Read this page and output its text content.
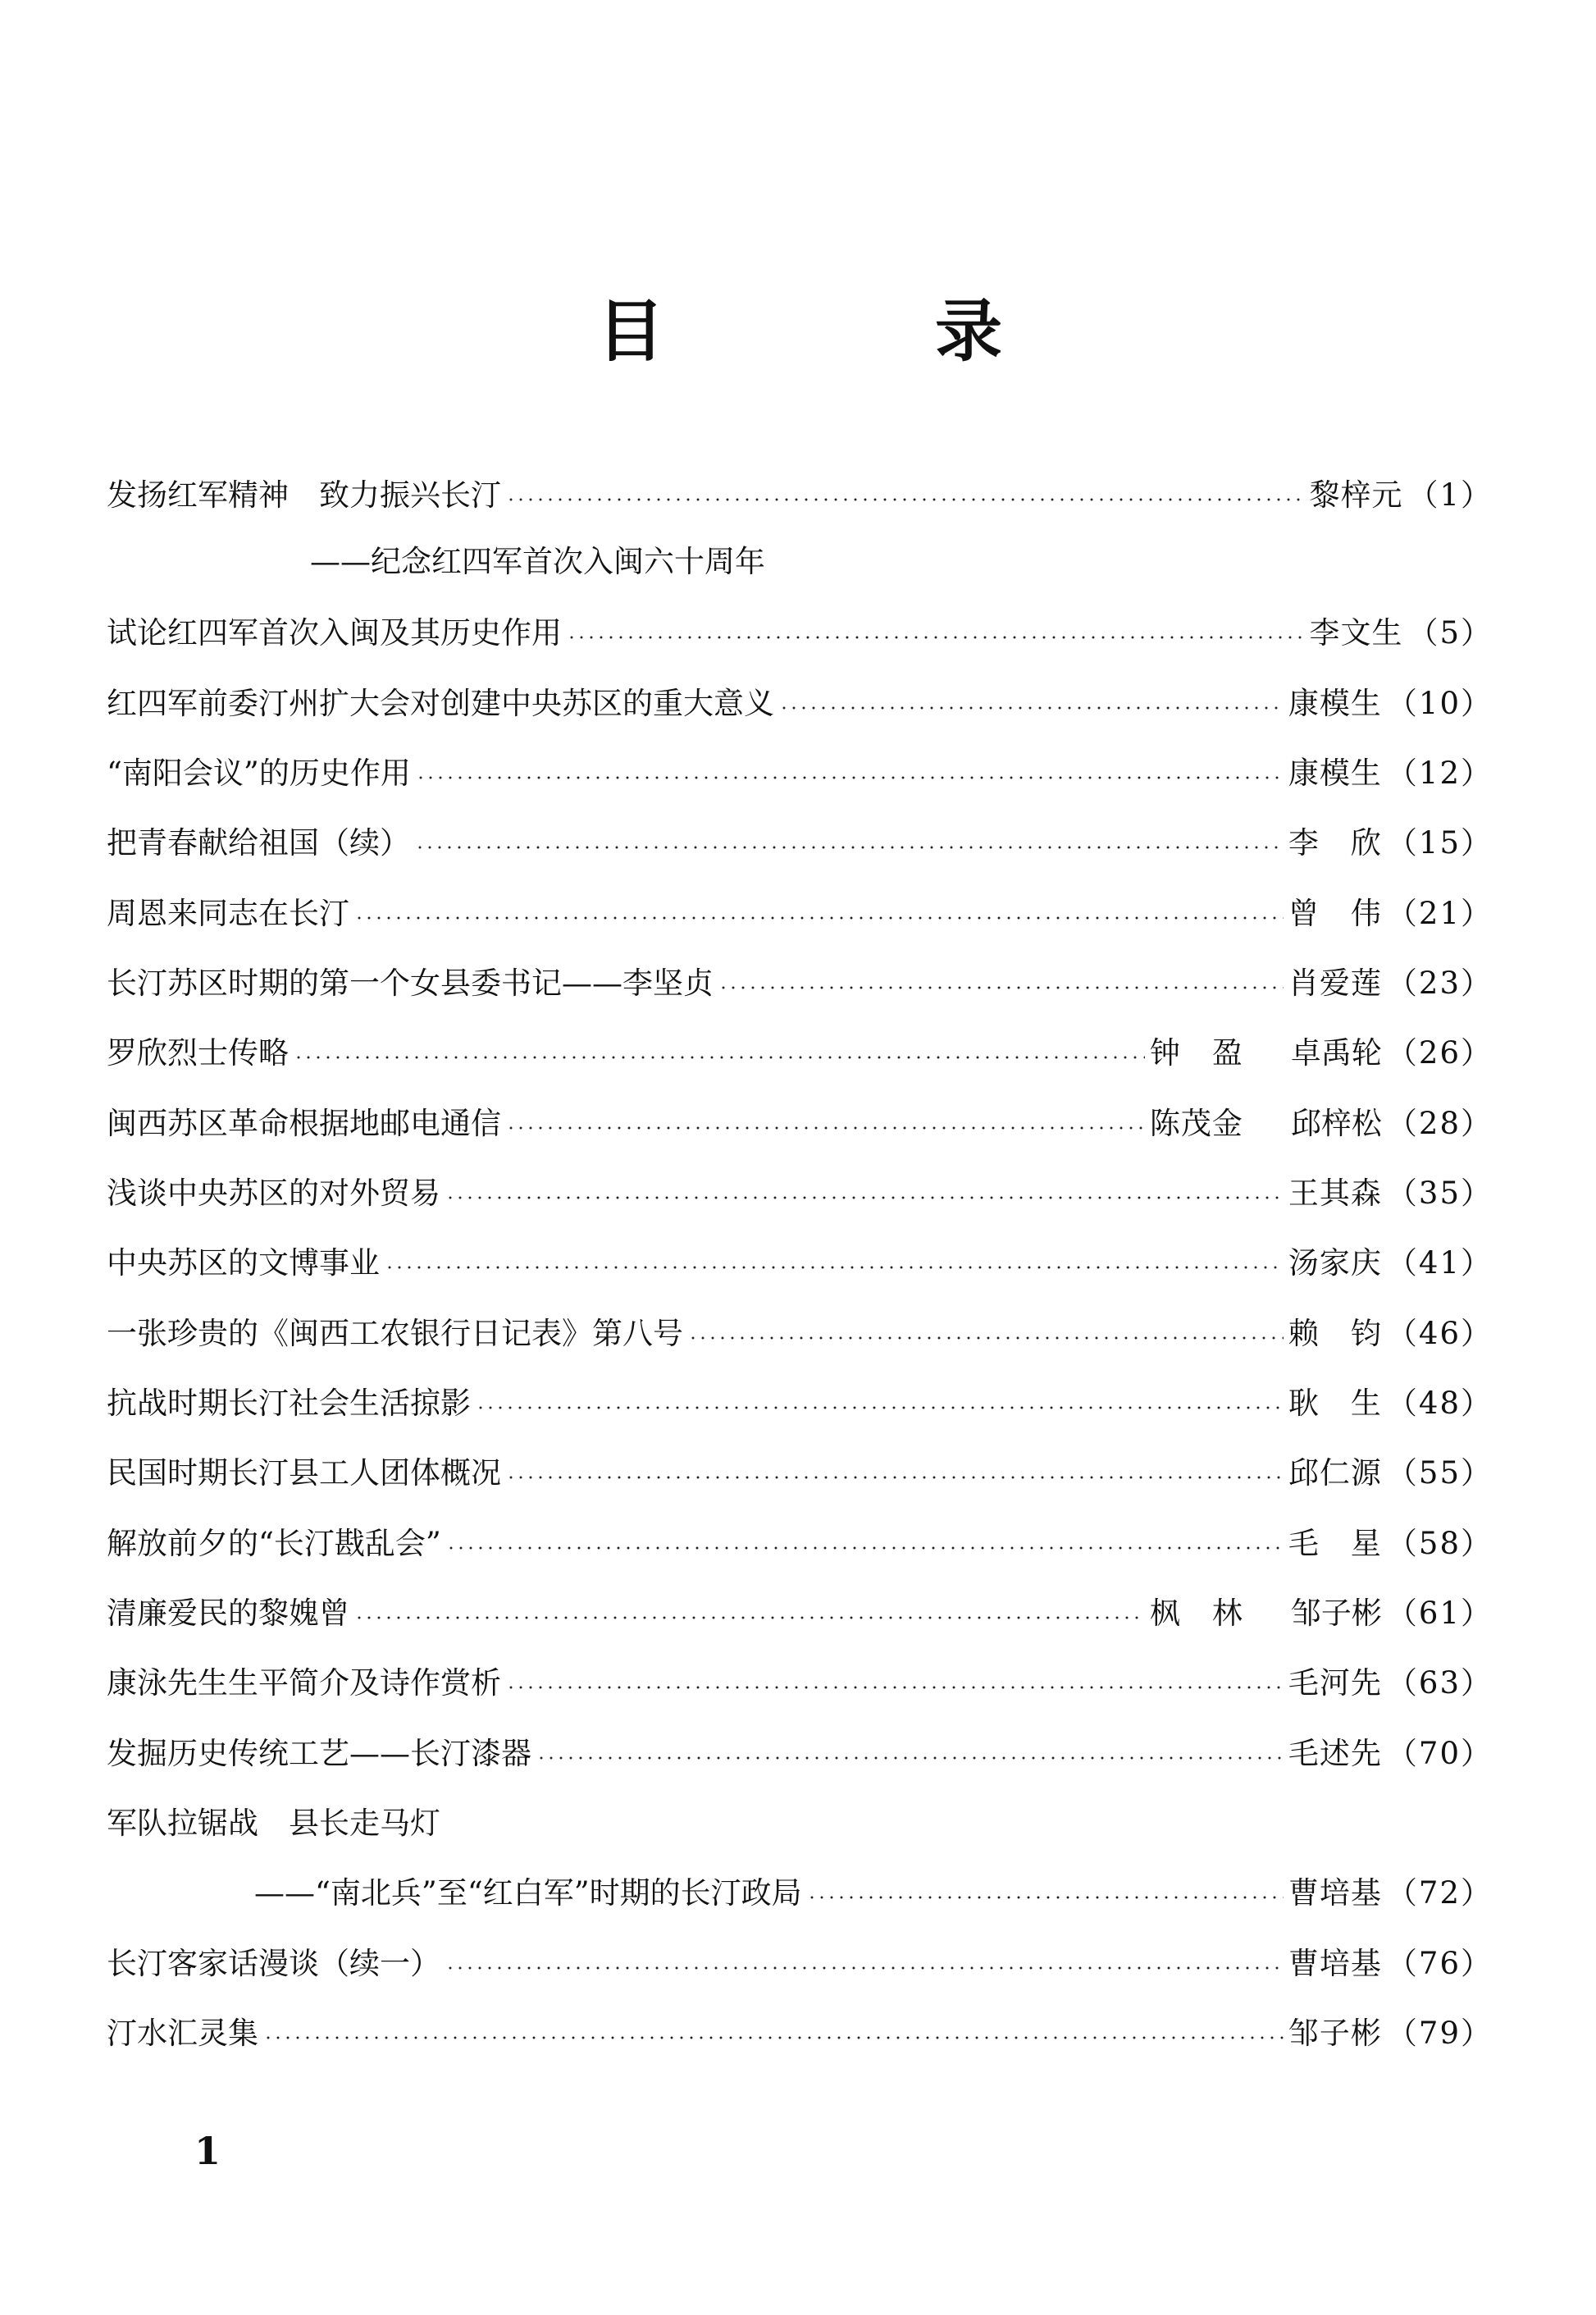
目	录
发扬红军精神　致力振兴长汀	黎梓元 （1）
——纪念红四军首次入闽六十周年
试论红四军首次入闽及其历史作用	李文生 （5）
红四军前委汀州扩大会对创建中央苏区的重大意义	康模生 （10）
“南阳会议”的历史作用	康模生 （12）
把青春献给祖国（续）	李　欣 （15）
周恩来同志在长汀	曾　伟 （21）
长汀苏区时期的第一个女县委书记——李坚贞	肖爱莲 （23）
罗欣烈士传略	钟　盈 卓禹轮 （26）
闽西苏区革命根据地邮电通信	陈茂金 邱梓松 （28）
浅谈中央苏区的对外贸易	王其森 （35）
中央苏区的文博事业	汤家庆 （41）
一张珍贵的《闽西工农银行日记表》第八号	赖　钧 （46）
抗战时期长汀社会生活掠影	耿　生 （48）
民国时期长汀县工人团体概况	邱仁源 （55）
解放前夕的“长汀戡乱会”	毛　星 （58）
清廉爱民的黎媿曾	枫　林 邹子彬 （61）
康泳先生生平简介及诗作赏析	毛河先 （63）
发掘历史传统工艺——长汀漆器	毛述先 （70）
军队拉锯战　县长走马灯
——“南北兵”至“红白军”时期的长汀政局	曹培基 （72）
长汀客家话漫谈（续一）	曹培基 （76）
汀水汇灵集	邹子彬 （79）
1
